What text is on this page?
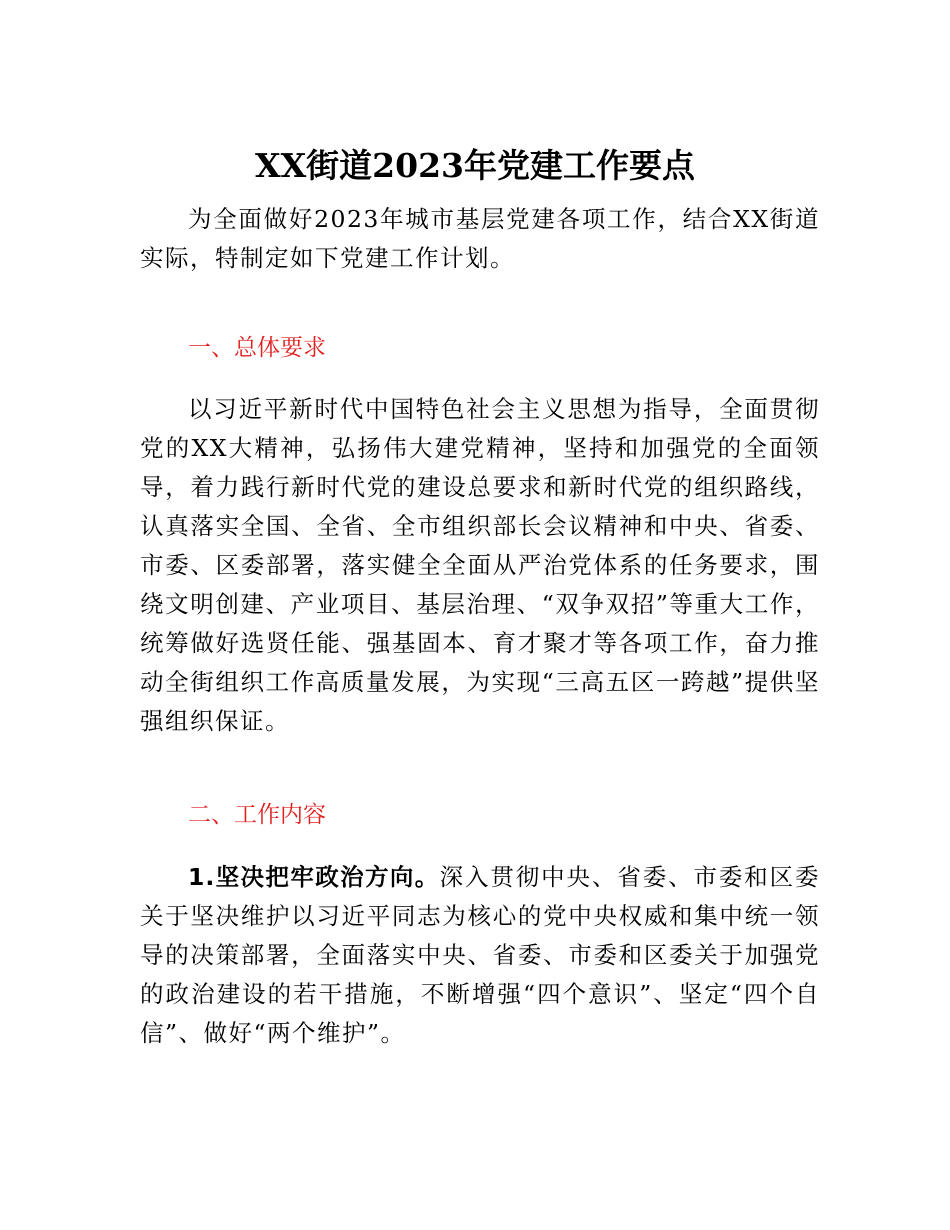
XX街道2023年党建工作要点

为全面做好2023年城市基层党建各项工作，结合XX街道实际，特制定如下党建工作计划。

一、总体要求

以习近平新时代中国特色社会主义思想为指导，全面贯彻党的XX大精神，弘扬伟大建党精神，坚持和加强党的全面领导，着力践行新时代党的建设总要求和新时代党的组织路线，认真落实全国、全省、全市组织部长会议精神和中央、省委、市委、区委部署，落实健全全面从严治党体系的任务要求，围绕文明创建、产业项目、基层治理、“双争双招”等重大工作，统筹做好选贤任能、强基固本、育才聚才等各项工作，奋力推动全街组织工作高质量发展，为实现“三高五区一跨越”提供坚强组织保证。

二、工作内容

1.坚决把牢政治方向。深入贯彻中央、省委、市委和区委关于坚决维护以习近平同志为核心的党中央权威和集中统一领导的决策部署，全面落实中央、省委、市委和区委关于加强党的政治建设的若干措施，不断增强“四个意识”、坚定“四个自信”、做好“两个维护”。
